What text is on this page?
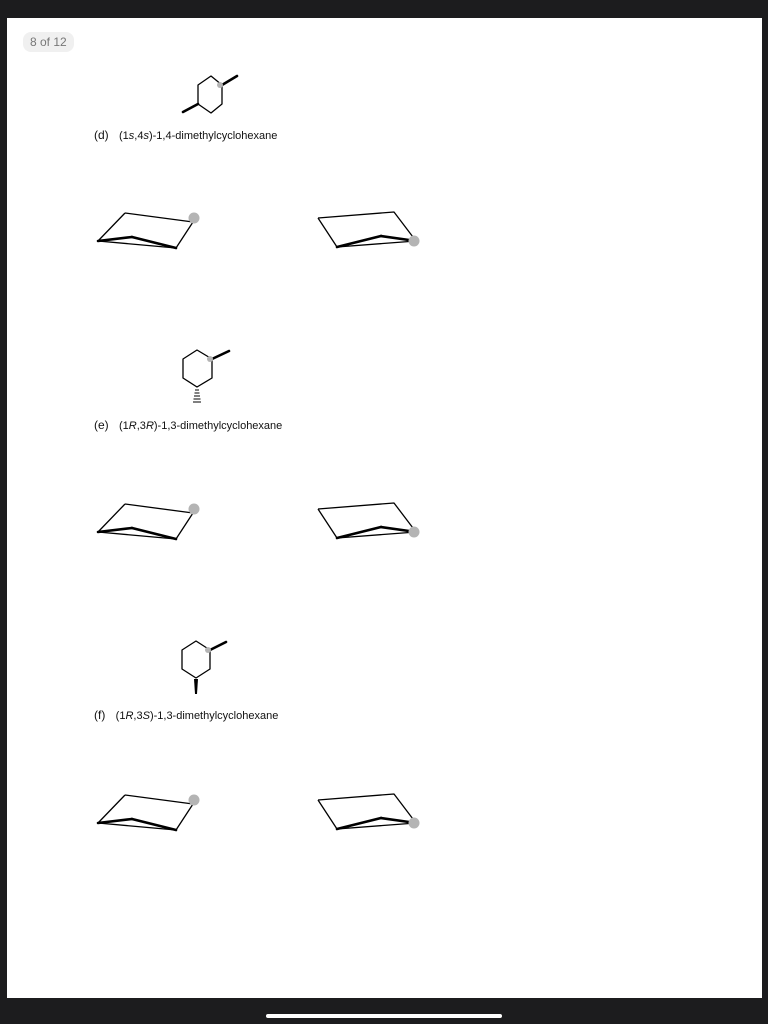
8 of 12
(d) (1s,4s)-1,4-dimethylcyclohexane
(e) (1R,3R)-1,3-dimethylcyclohexane
(f) (1R,3S)-1,3-dimethylcyclohexane
